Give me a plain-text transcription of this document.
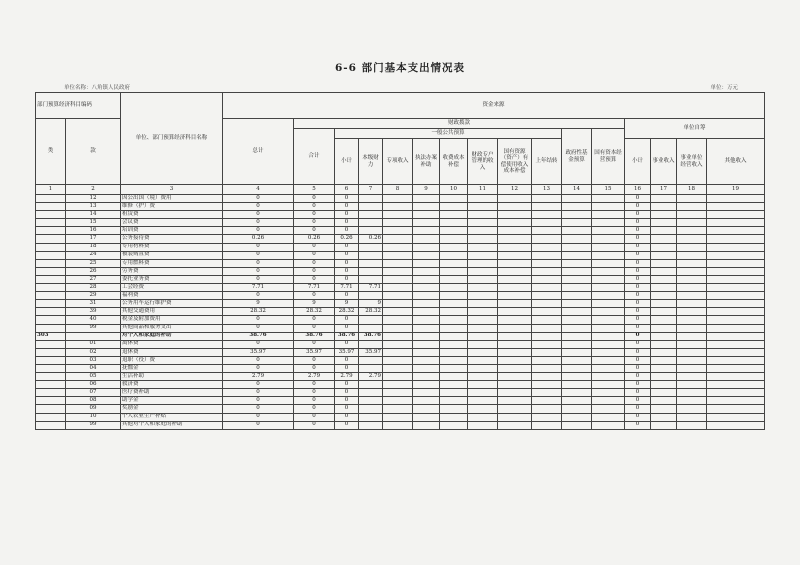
6-6 部门基本支出情况表
单位名称：八角镇人民政府	单位：万元
部门预算经济科目编码		单位、部门预算经济科目名称	资金来源															
类	款		总计	财政拨款											单位自筹			
				合计	一般公共预算								政府性基金预算	国有资本经营预算				
					小计	本级财力	专项收入	执法办案补助	收费成本补偿	财政专户管理的收入	国有资源（资产）有偿使用收入成本补偿	上年结转			小计	事业收入	事业单位经营收入	其他收入
1	2	3	4	5	6	7	8	9	10	11	12	13	14	15	16	17	18	19
	12	因公出国（境）费用	0	0	0										0			
	13	维修（护）费	0	0	0										0			
	14	租赁费	0	0	0										0			
	15	会议费	0	0	0										0			
	16	培训费	0	0	0										0			
	17	公务接待费	0.26	0.26	0.26	0.26									0			
	18	专用材料费	0	0	0										0			
	24	被装购置费	0	0	0										0			
	25	专用燃料费	0	0	0										0			
	26	劳务费	0	0	0										0			
	27	委托业务费	0	0	0										0			
	28	工会经费	7.71	7.71	7.71	7.71									0			
	29	福利费	0	0	0										0			
	31	公务用车运行维护费	9	9	9	9									0			
	39	其他交通费用	28.32	28.32	28.32	28.32									0			
	40	税金及附加费用	0	0	0										0			
	99	其他商品和服务支出	0	0	0										0			
303		对个人和家庭的补助	38.76	38.76	38.76	38.76									0			
	01	离休费	0	0	0										0			
	02	退休费	35.97	35.97	35.97	35.97									0			
	03	退职（役）费	0	0	0										0			
	04	抚恤金	0	0	0										0			
	05	生活补助	2.79	2.79	2.79	2.79									0			
	06	救济费	0	0	0										0			
	07	医疗费补助	0	0	0										0			
	08	助学金	0	0	0										0			
	09	奖励金	0	0	0										0			
	10	个人农业生产补贴	0	0	0										0			
	99	其他对个人和家庭的补助	0	0	0										0			
